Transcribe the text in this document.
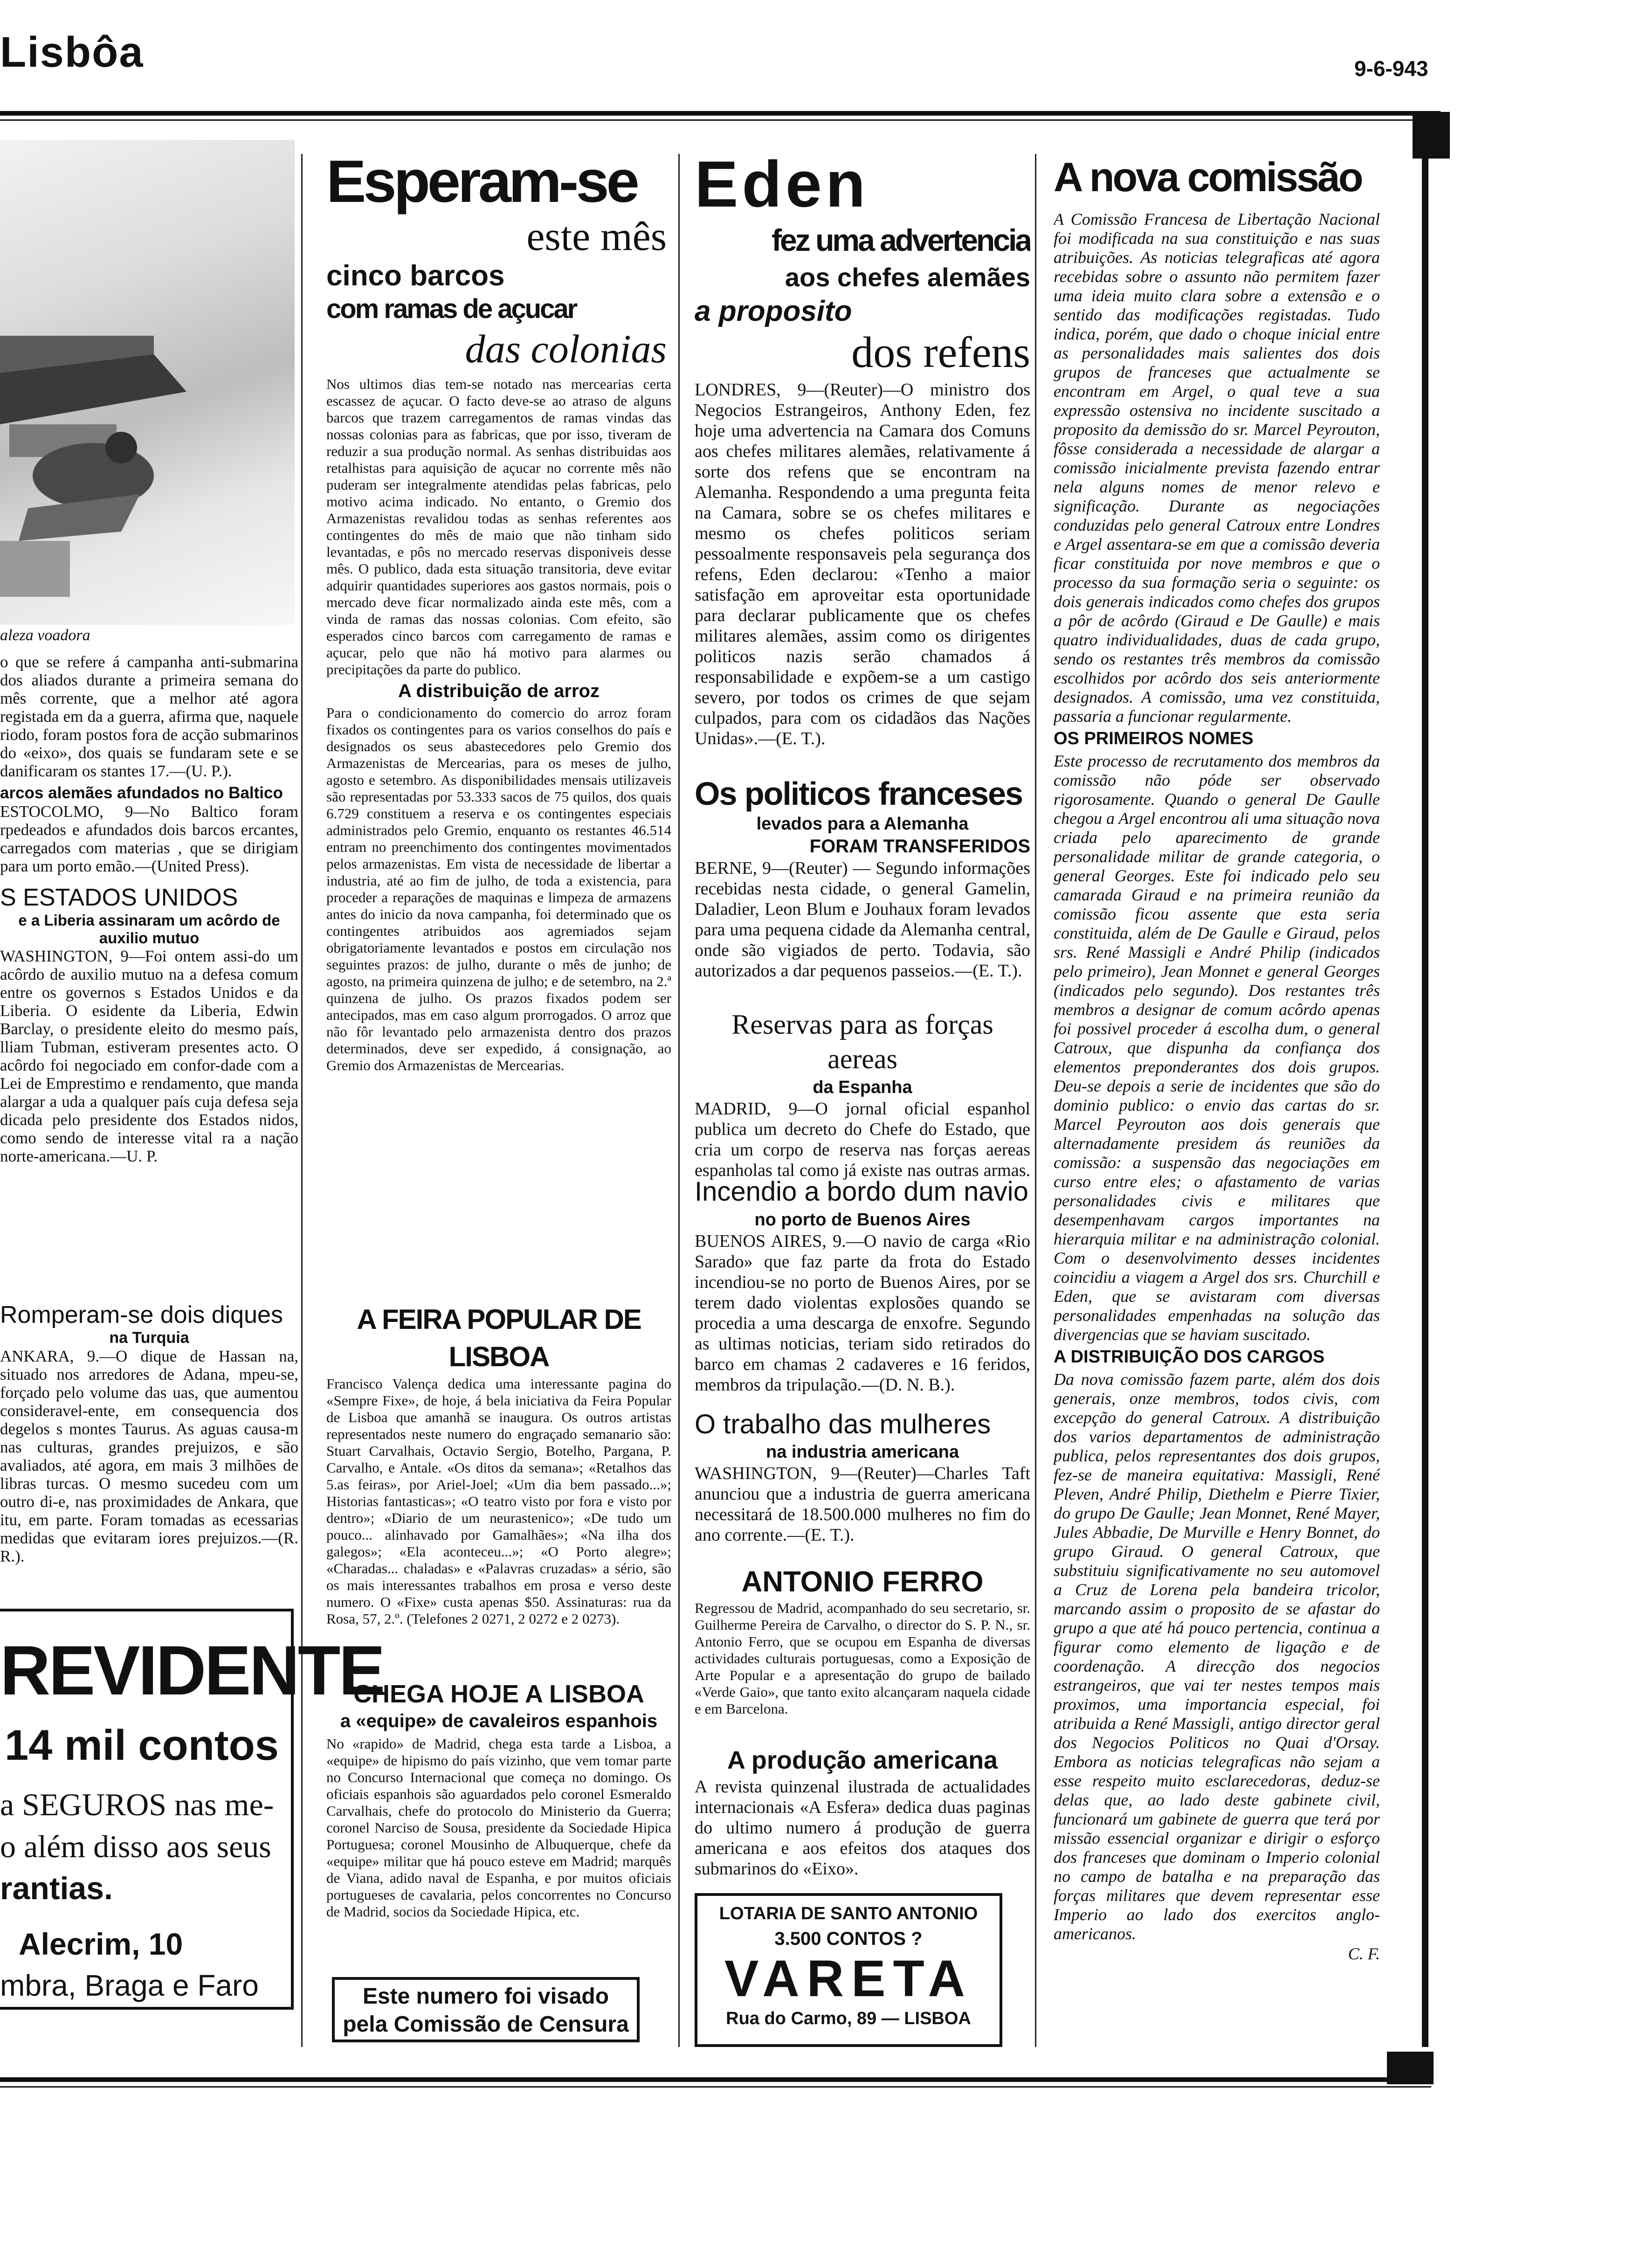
Lisbôa	9-6-943
aleza voadora

o que se refere á campanha anti-submarina dos aliados durante a primeira semana do mês corrente, que a melhor até agora registada em da a guerra, afirma que, naquele riodo, foram postos fora de acção submarinos do «eixo», dos quais se fundaram sete e se danificaram os stantes 17.—(U. P.).

arcos alemães afundados no Baltico

ESTOCOLMO, 9—No Baltico foram rpedeados e afundados dois barcos ercantes, carregados com materias , que se dirigiam para um porto emão.—(United Press).

S ESTADOS UNIDOS

e a Liberia assinaram um acôrdo de auxilio mutuo

WASHINGTON, 9—Foi ontem assi-do um acôrdo de auxilio mutuo na a defesa comum entre os governos s Estados Unidos e da Liberia. O esidente da Liberia, Edwin Barclay, o presidente eleito do mesmo país, lliam Tubman, estiveram presentes acto. O acôrdo foi negociado em confor-dade com a Lei de Emprestimo e rendamento, que manda alargar a uda a qualquer país cuja defesa seja dicada pelo presidente dos Estados nidos, como sendo de interesse vital ra a nação norte-americana.—U. P.

Romperam-se dois diques

na Turquia

ANKARA, 9.—O dique de Hassan na, situado nos arredores de Adana, mpeu-se, forçado pelo volume das uas, que aumentou consideravel-ente, em consequencia dos degelos s montes Taurus. As aguas causa-m nas culturas, grandes prejuizos, e são avaliados, até agora, em mais 3 milhões de libras turcas. O mesmo sucedeu com um outro di-e, nas proximidades de Ankara, que itu, em parte. Foram tomadas as ecessarias medidas que evitaram iores prejuizos.—(R. R.).

REVIDENTE
14 mil contos
a SEGUROS nas me-
o além disso aos seus
rantias.
Alecrim, 10
mbra, Braga e Faro
Esperam-se
este mês
cinco barcos
com ramas de açucar
das colonias

Nos ultimos dias tem-se notado nas mercearias certa escassez de açucar. O facto deve-se ao atraso de alguns barcos que trazem carregamentos de ramas vindas das nossas colonias para as fabricas, que por isso, tiveram de reduzir a sua produção normal. As senhas distribuidas aos retalhistas para aquisição de açucar no corrente mês não puderam ser integralmente atendidas pelas fabricas, pelo motivo acima indicado. No entanto, o Gremio dos Armazenistas revalidou todas as senhas referentes aos contingentes do mês de maio que não tinham sido levantadas, e pôs no mercado reservas disponiveis desse mês. O publico, dada esta situação transitoria, deve evitar adquirir quantidades superiores aos gastos normais, pois o mercado deve ficar normalizado ainda este mês, com a vinda de ramas das nossas colonias. Com efeito, são esperados cinco barcos com carregamento de ramas e açucar, pelo que não há motivo para alarmes ou precipitações da parte do publico.

A distribuição de arroz

Para o condicionamento do comercio do arroz foram fixados os contingentes para os varios conselhos do país e designados os seus abastecedores pelo Gremio dos Armazenistas de Mercearias, para os meses de julho, agosto e setembro. As disponibilidades mensais utilizaveis são representadas por 53.333 sacos de 75 quilos, dos quais 6.729 constituem a reserva e os contingentes especiais administrados pelo Gremio, enquanto os restantes 46.514 entram no preenchimento dos contingentes movimentados pelos armazenistas. Em vista de necessidade de libertar a industria, até ao fim de julho, de toda a existencia, para proceder a reparações de maquinas e limpeza de armazens antes do inicio da nova campanha, foi determinado que os contingentes atribuidos aos agremiados sejam obrigatoriamente levantados e postos em circulação nos seguintes prazos: de julho, durante o mês de junho; de agosto, na primeira quinzena de julho; e de setembro, na 2.ª quinzena de julho. Os prazos fixados podem ser antecipados, mas em caso algum prorrogados. O arroz que não fôr levantado pelo armazenista dentro dos prazos determinados, deve ser expedido, á consignação, ao Gremio dos Armazenistas de Mercearias.

A FEIRA POPULAR DE LISBOA

Francisco Valença dedica uma interessante pagina do «Sempre Fixe», de hoje, á bela iniciativa da Feira Popular de Lisboa que amanhã se inaugura. Os outros artistas representados neste numero do engraçado semanario são: Stuart Carvalhais, Octavio Sergio, Botelho, Pargana, P. Carvalho, e Antale. «Os ditos da semana»; «Retalhos das 5.as feiras», por Ariel-Joel; «Um dia bem passado...»; Historias fantasticas»; «O teatro visto por fora e visto por dentro»; «Diario de um neurastenico»; «De tudo um pouco... alinhavado por Gamalhães»; «Na ilha dos galegos»; «Ela aconteceu...»; «O Porto alegre»; «Charadas... chaladas» e «Palavras cruzadas» a sério, são os mais interessantes trabalhos em prosa e verso deste numero. O «Fixe» custa apenas $50. Assinaturas: rua da Rosa, 57, 2.º. (Telefones 2 0271, 2 0272 e 2 0273).

CHEGA HOJE A LISBOA
a «equipe» de cavaleiros espanhois

No «rapido» de Madrid, chega esta tarde a Lisboa, a «equipe» de hipismo do país vizinho, que vem tomar parte no Concurso Internacional que começa no domingo. Os oficiais espanhois são aguardados pelo coronel Esmeraldo Carvalhais, chefe do protocolo do Ministerio da Guerra; coronel Narciso de Sousa, presidente da Sociedade Hipica Portuguesa; coronel Mousinho de Albuquerque, chefe da «equipe» militar que há pouco esteve em Madrid; marquês de Viana, adido naval de Espanha, e por muitos oficiais portugueses de cavalaria, pelos concorrentes no Concurso de Madrid, socios da Sociedade Hipica, etc.

Este numero foi visado
pela Comissão de Censura
Eden
fez uma advertencia
aos chefes alemães
a proposito
dos refens

LONDRES, 9—(Reuter)—O ministro dos Negocios Estrangeiros, Anthony Eden, fez hoje uma advertencia na Camara dos Comuns aos chefes militares alemães, relativamente á sorte dos refens que se encontram na Alemanha. Respondendo a uma pregunta feita na Camara, sobre se os chefes militares e mesmo os chefes politicos seriam pessoalmente responsaveis pela segurança dos refens, Eden declarou: «Tenho a maior satisfação em aproveitar esta oportunidade para declarar publicamente que os chefes militares alemães, assim como os dirigentes politicos nazis serão chamados á responsabilidade e expõem-se a um castigo severo, por todos os crimes de que sejam culpados, para com os cidadãos das Nações Unidas».—(E. T.).

Os politicos franceses
levados para a Alemanha
FORAM TRANSFERIDOS

BERNE, 9—(Reuter) — Segundo informações recebidas nesta cidade, o general Gamelin, Daladier, Leon Blum e Jouhaux foram levados para uma pequena cidade da Alemanha central, onde são vigiados de perto. Todavia, são autorizados a dar pequenos passeios.—(E. T.).

Reservas para as forças aereas
da Espanha

MADRID, 9—O jornal oficial espanhol publica um decreto do Chefe do Estado, que cria um corpo de reserva nas forças aereas espanholas tal como já existe nas outras armas.

Incendio a bordo dum navio
no porto de Buenos Aires

BUENOS AIRES, 9.—O navio de carga «Rio Sarado» que faz parte da frota do Estado incendiou-se no porto de Buenos Aires, por se terem dado violentas explosões quando se procedia a uma descarga de enxofre. Segundo as ultimas noticias, teriam sido retirados do barco em chamas 2 cadaveres e 16 feridos, membros da tripulação.—(D. N. B.).

O trabalho das mulheres
na industria americana

WASHINGTON, 9—(Reuter)—Charles Taft anunciou que a industria de guerra americana necessitará de 18.500.000 mulheres no fim do ano corrente.—(E. T.).

ANTONIO FERRO

Regressou de Madrid, acompanhado do seu secretario, sr. Guilherme Pereira de Carvalho, o director do S. P. N., sr. Antonio Ferro, que se ocupou em Espanha de diversas actividades culturais portuguesas, como a Exposição de Arte Popular e a apresentação do grupo de bailado «Verde Gaio», que tanto exito alcançaram naquela cidade e em Barcelona.

A produção americana

A revista quinzenal ilustrada de actualidades internacionais «A Esfera» dedica duas paginas do ultimo numero á produção de guerra americana e aos efeitos dos ataques dos submarinos do «Eixo».

LOTARIA DE SANTO ANTONIO
3.500 CONTOS ?
VARETA
Rua do Carmo, 89 — LISBOA
A nova comissão

A Comissão Francesa de Libertação Nacional foi modificada na sua constituição e nas suas atribuições. As noticias telegraficas até agora recebidas sobre o assunto não permitem fazer uma ideia muito clara sobre a extensão e o sentido das modificações registadas. Tudo indica, porém, que dado o choque inicial entre as personalidades mais salientes dos dois grupos de franceses que actualmente se encontram em Argel, o qual teve a sua expressão ostensiva no incidente suscitado a proposito da demissão do sr. Marcel Peyrouton, fôsse considerada a necessidade de alargar a comissão inicialmente prevista fazendo entrar nela alguns nomes de menor relevo e significação. Durante as negociações conduzidas pelo general Catroux entre Londres e Argel assentara-se em que a comissão deveria ficar constituida por nove membros e que o processo da sua formação seria o seguinte: os dois generais indicados como chefes dos grupos a pôr de acôrdo (Giraud e De Gaulle) e mais quatro individualidades, duas de cada grupo, sendo os restantes três membros da comissão escolhidos por acôrdo dos seis anteriormente designados. A comissão, uma vez constituida, passaria a funcionar regularmente.

OS PRIMEIROS NOMES

Este processo de recrutamento dos membros da comissão não póde ser observado rigorosamente. Quando o general De Gaulle chegou a Argel encontrou ali uma situação nova criada pelo aparecimento de grande personalidade militar de grande categoria, o general Georges. Este foi indicado pelo seu camarada Giraud e na primeira reunião da comissão ficou assente que esta seria constituida, além de De Gaulle e Giraud, pelos srs. René Massigli e André Philip (indicados pelo primeiro), Jean Monnet e general Georges (indicados pelo segundo). Dos restantes três membros a designar de comum acôrdo apenas foi possivel proceder á escolha dum, o general Catroux, que dispunha da confiança dos elementos preponderantes dos dois grupos. Deu-se depois a serie de incidentes que são do dominio publico: o envio das cartas do sr. Marcel Peyrouton aos dois generais que alternadamente presidem ás reuniões da comissão: a suspensão das negociações em curso entre eles; o afastamento de varias personalidades civis e militares que desempenhavam cargos importantes na hierarquia militar e na administração colonial. Com o desenvolvimento desses incidentes coincidiu a viagem a Argel dos srs. Churchill e Eden, que se avistaram com diversas personalidades empenhadas na solução das divergencias que se haviam suscitado.

A DISTRIBUIÇÃO DOS CARGOS

Da nova comissão fazem parte, além dos dois generais, onze membros, todos civis, com excepção do general Catroux. A distribuição dos varios departamentos de administração publica, pelos representantes dos dois grupos, fez-se de maneira equitativa: Massigli, René Pleven, André Philip, Diethelm e Pierre Tixier, do grupo De Gaulle; Jean Monnet, René Mayer, Jules Abbadie, De Murville e Henry Bonnet, do grupo Giraud. O general Catroux, que substituiu significativamente no seu automovel a Cruz de Lorena pela bandeira tricolor, marcando assim o proposito de se afastar do grupo a que até há pouco pertencia, continua a figurar como elemento de ligação e de coordenação. A direcção dos negocios estrangeiros, que vai ter nestes tempos mais proximos, uma importancia especial, foi atribuida a René Massigli, antigo director geral dos Negocios Politicos no Quai d'Orsay. Embora as noticias telegraficas não sejam a esse respeito muito esclarecedoras, deduz-se delas que, ao lado deste gabinete civil, funcionará um gabinete de guerra que terá por missão essencial organizar e dirigir o esforço dos franceses que dominam o Imperio colonial no campo de batalha e na preparação das forças militares que devem representar esse Imperio ao lado dos exercitos anglo-americanos.

C. F.
